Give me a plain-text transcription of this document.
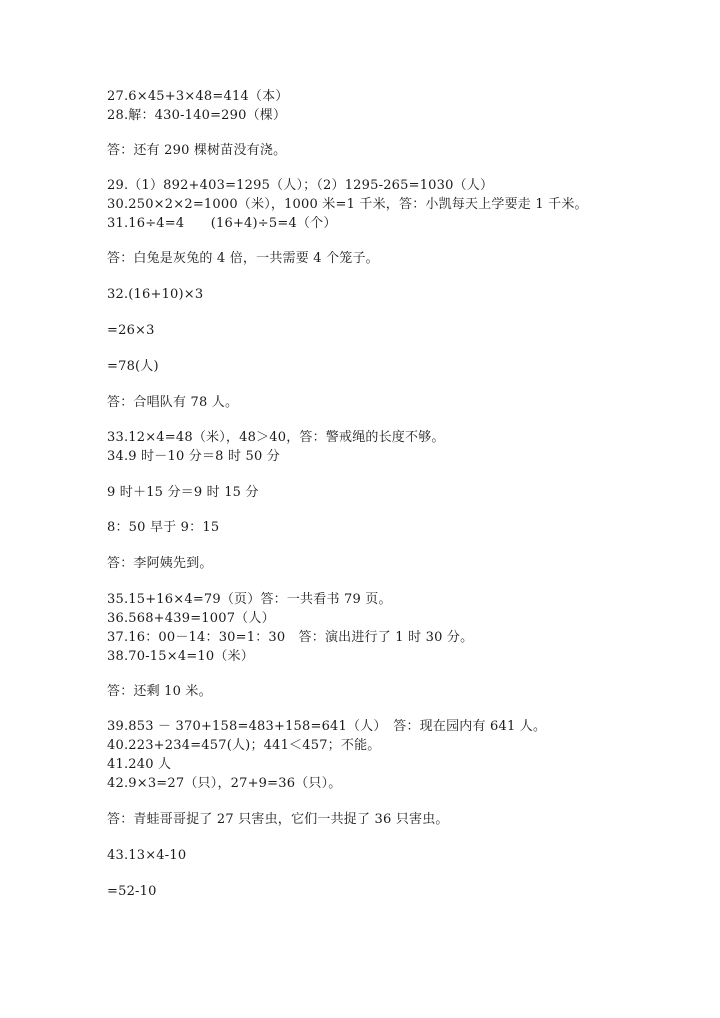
27.6×45+3×48=414（本）
28.解：430-140=290（棵）
答：还有 290 棵树苗没有浇。
29.（1）892+403=1295（人）；（2）1295-265=1030（人）
30.250×2×2=1000（米），1000 米=1 千米，答：小凯每天上学要走 1 千米。
31.16÷4=4　　(16+4)÷5=4（个）
答：白兔是灰兔的 4 倍，一共需要 4 个笼子。
32.(16+10)×3
=26×3
=78(人)
答：合唱队有 78 人。
33.12×4=48（米），48＞40，答：警戒绳的长度不够。
34.9 时－10 分＝8 时 50 分
9 时＋15 分＝9 时 15 分
8：50 早于 9：15
答：李阿姨先到。
35.15+16×4=79（页）答：一共看书 79 页。
36.568+439=1007（人）
37.16：00－14：30=1：30　答：演出进行了 1 时 30 分。
38.70-15×4=10（米）
答：还剩 10 米。
39.853 － 370+158=483+158=641（人）　答：现在园内有 641 人。
40.223+234=457(人)；441＜457；不能。
41.240 人
42.9×3=27（只），27+9=36（只）。
答：青蛙哥哥捉了 27 只害虫，它们一共捉了 36 只害虫。
43.13×4-10
=52-10
